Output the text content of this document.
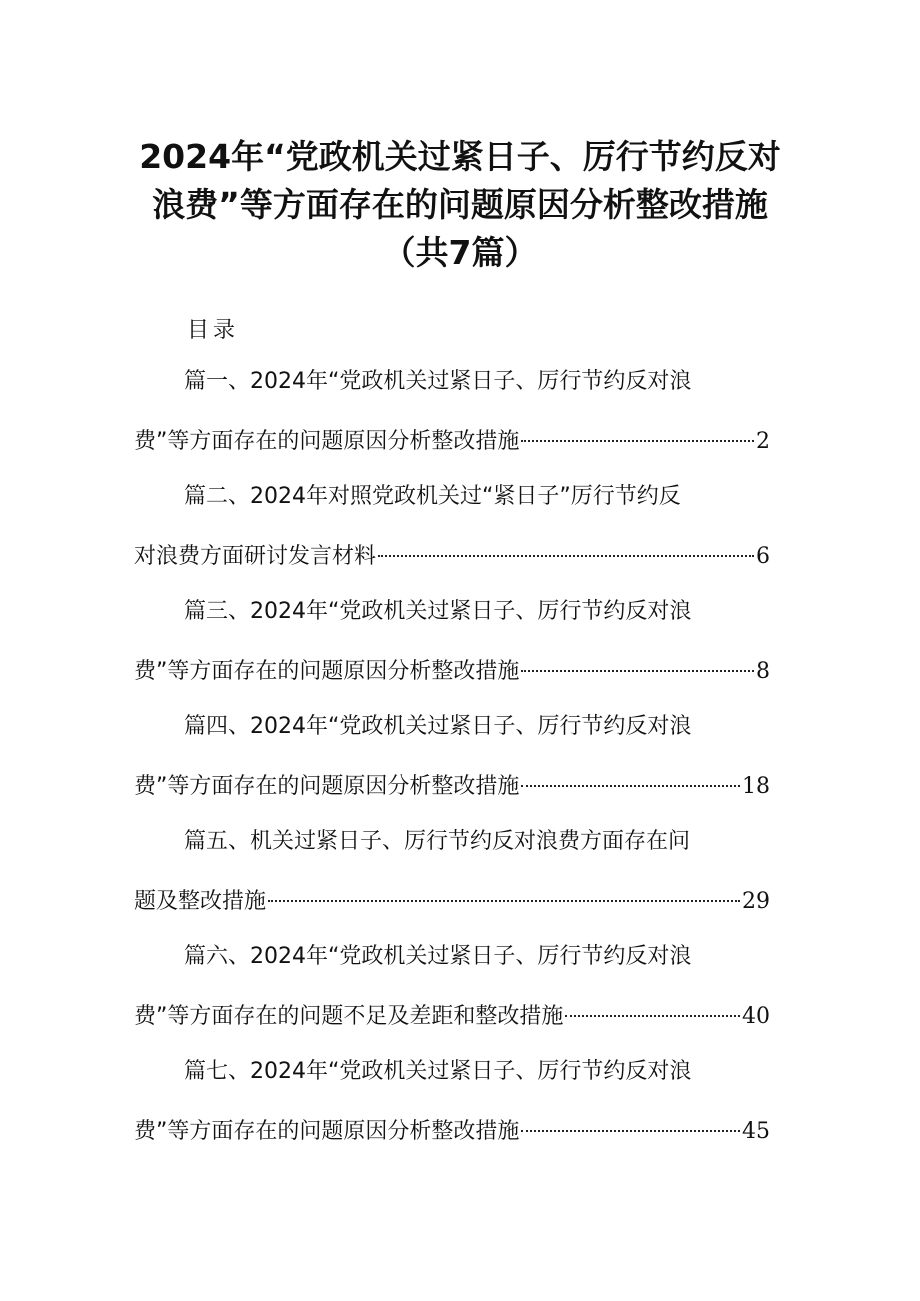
2024年“党政机关过紧日子、厉行节约反对
浪费”等方面存在的问题原因分析整改措施
（共7篇）
目录
篇一、2024年“党政机关过紧日子、厉行节约反对浪
费”等方面存在的问题原因分析整改措施	2
篇二、2024年对照党政机关过“紧日子”厉行节约反
对浪费方面研讨发言材料	6
篇三、2024年“党政机关过紧日子、厉行节约反对浪
费”等方面存在的问题原因分析整改措施	8
篇四、2024年“党政机关过紧日子、厉行节约反对浪
费”等方面存在的问题原因分析整改措施	18
篇五、机关过紧日子、厉行节约反对浪费方面存在问
题及整改措施	29
篇六、2024年“党政机关过紧日子、厉行节约反对浪
费”等方面存在的问题不足及差距和整改措施	40
篇七、2024年“党政机关过紧日子、厉行节约反对浪
费”等方面存在的问题原因分析整改措施	45
